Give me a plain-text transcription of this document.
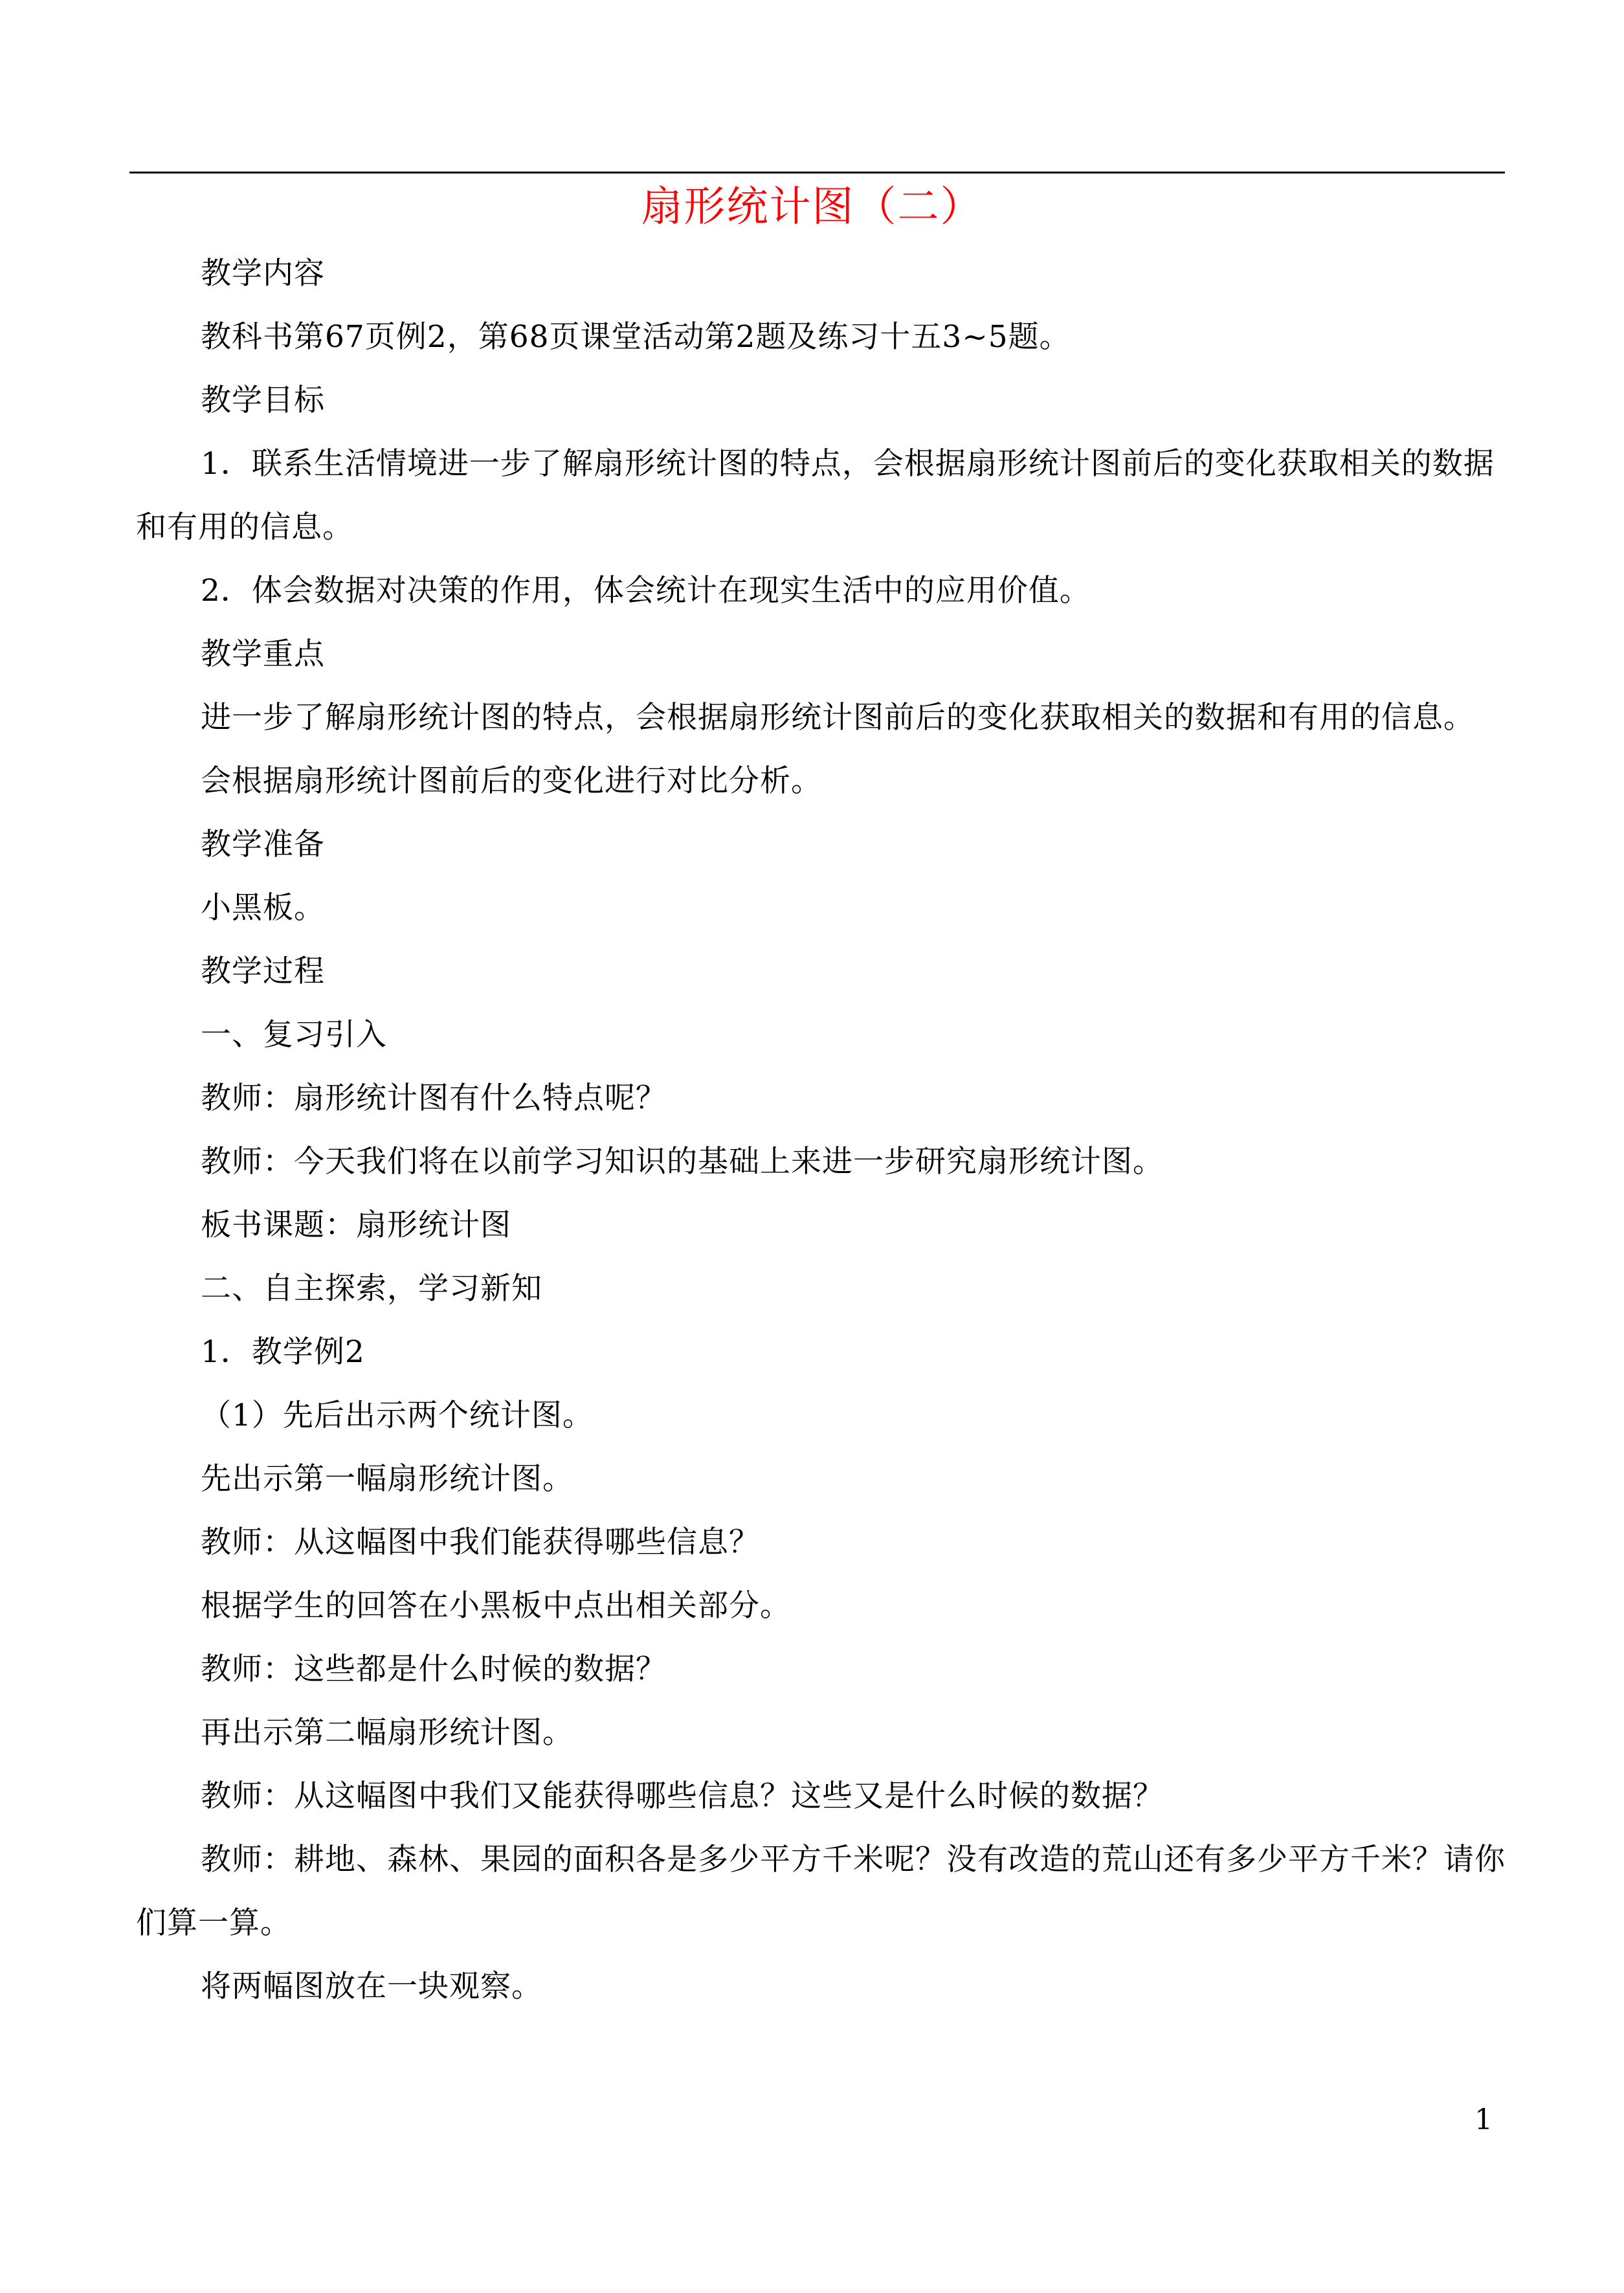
扇形统计图（二）

教学内容

教科书第67页例2，第68页课堂活动第2题及练习十五3~5题。

教学目标

1．联系生活情境进一步了解扇形统计图的特点，会根据扇形统计图前后的变化获取相关的数据和有用的信息。

2．体会数据对决策的作用，体会统计在现实生活中的应用价值。

教学重点

进一步了解扇形统计图的特点，会根据扇形统计图前后的变化获取相关的数据和有用的信息。

会根据扇形统计图前后的变化进行对比分析。

教学准备

小黑板。

教学过程

一、复习引入

教师：扇形统计图有什么特点呢？

教师：今天我们将在以前学习知识的基础上来进一步研究扇形统计图。

板书课题：扇形统计图

二、自主探索，学习新知

1．教学例2

（1）先后出示两个统计图。

先出示第一幅扇形统计图。

教师：从这幅图中我们能获得哪些信息？

根据学生的回答在小黑板中点出相关部分。

教师：这些都是什么时候的数据？

再出示第二幅扇形统计图。

教师：从这幅图中我们又能获得哪些信息？这些又是什么时候的数据？

教师：耕地、森林、果园的面积各是多少平方千米呢？没有改造的荒山还有多少平方千米？请你们算一算。

将两幅图放在一块观察。

1
